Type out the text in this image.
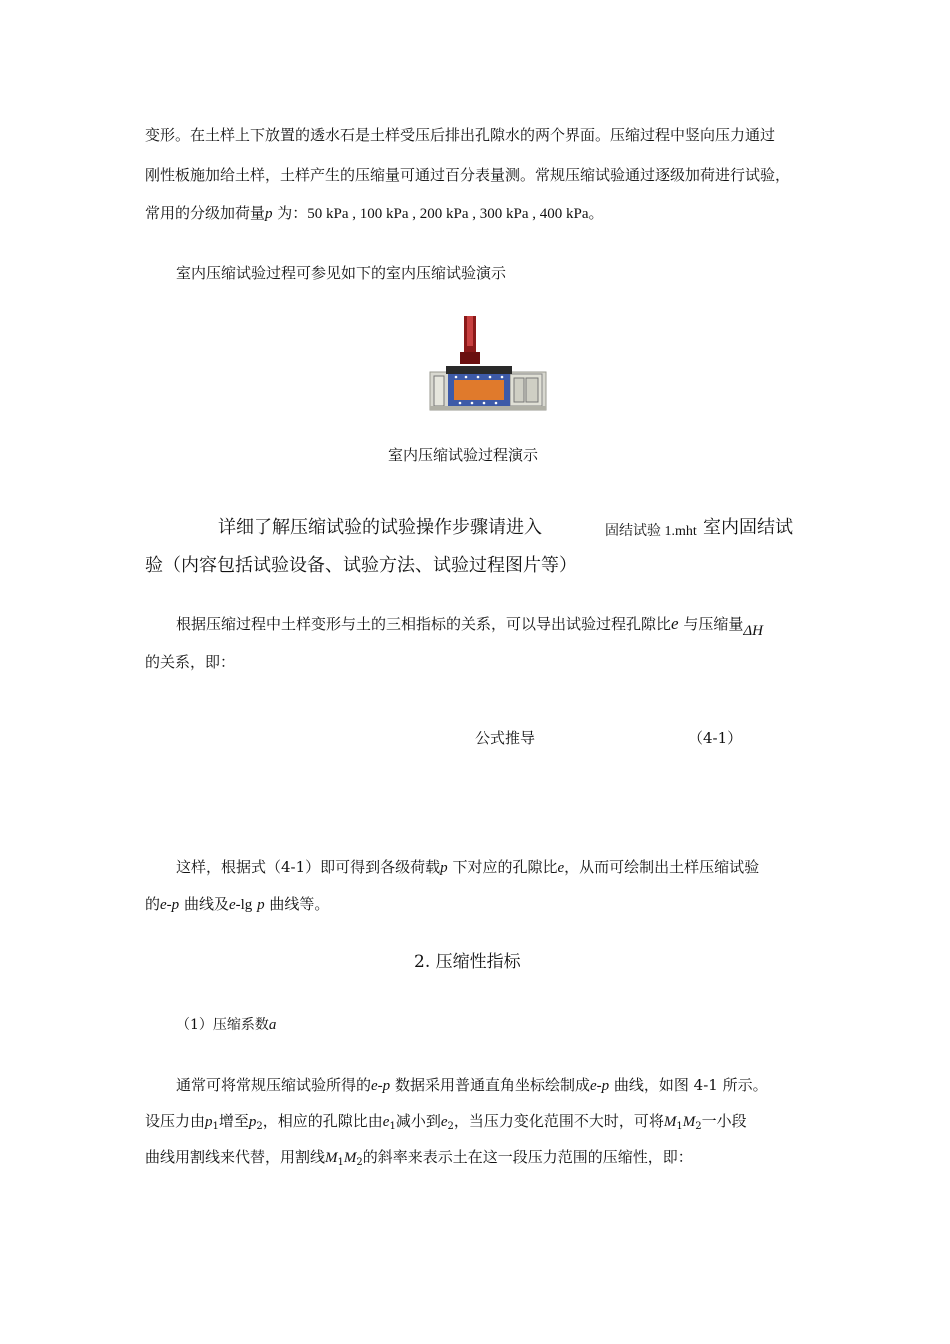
变形。在土样上下放置的透水石是土样受压后排出孔隙水的两个界面。压缩过程中竖向压力通过
刚性板施加给土样，土样产生的压缩量可通过百分表量测。常规压缩试验通过逐级加荷进行试验，
常用的分级加荷量p 为：50 kPa , 100 kPa , 200 kPa , 300 kPa , 400 kPa。
室内压缩试验过程可参见如下的室内压缩试验演示
室内压缩试验过程演示
详细了解压缩试验的试验操作步骤请进入	固结试验 1.mht 室内固结试
验（内容包括试验设备、试验方法、试验过程图片等）
根据压缩过程中土样变形与土的三相指标的关系，可以导出试验过程孔隙比e 与压缩量ΔH
的关系，即：
公式推导	（4-1）
这样，根据式（4-1）即可得到各级荷载p 下对应的孔隙比e，从而可绘制出土样压缩试验
的e-p 曲线及e-lg p 曲线等。
2. 压缩性指标
（1）压缩系数a
通常可将常规压缩试验所得的e-p 数据采用普通直角坐标绘制成e-p 曲线，如图 4-1 所示。
设压力由$p_1$增至$p_2$，相应的孔隙比由$e_1$减小到$e_2$，当压力变化范围不大时，可将$M_1M_2$一小段
曲线用割线来代替，用割线$M_1M_2$的斜率来表示土在这一段压力范围的压缩性，即：
